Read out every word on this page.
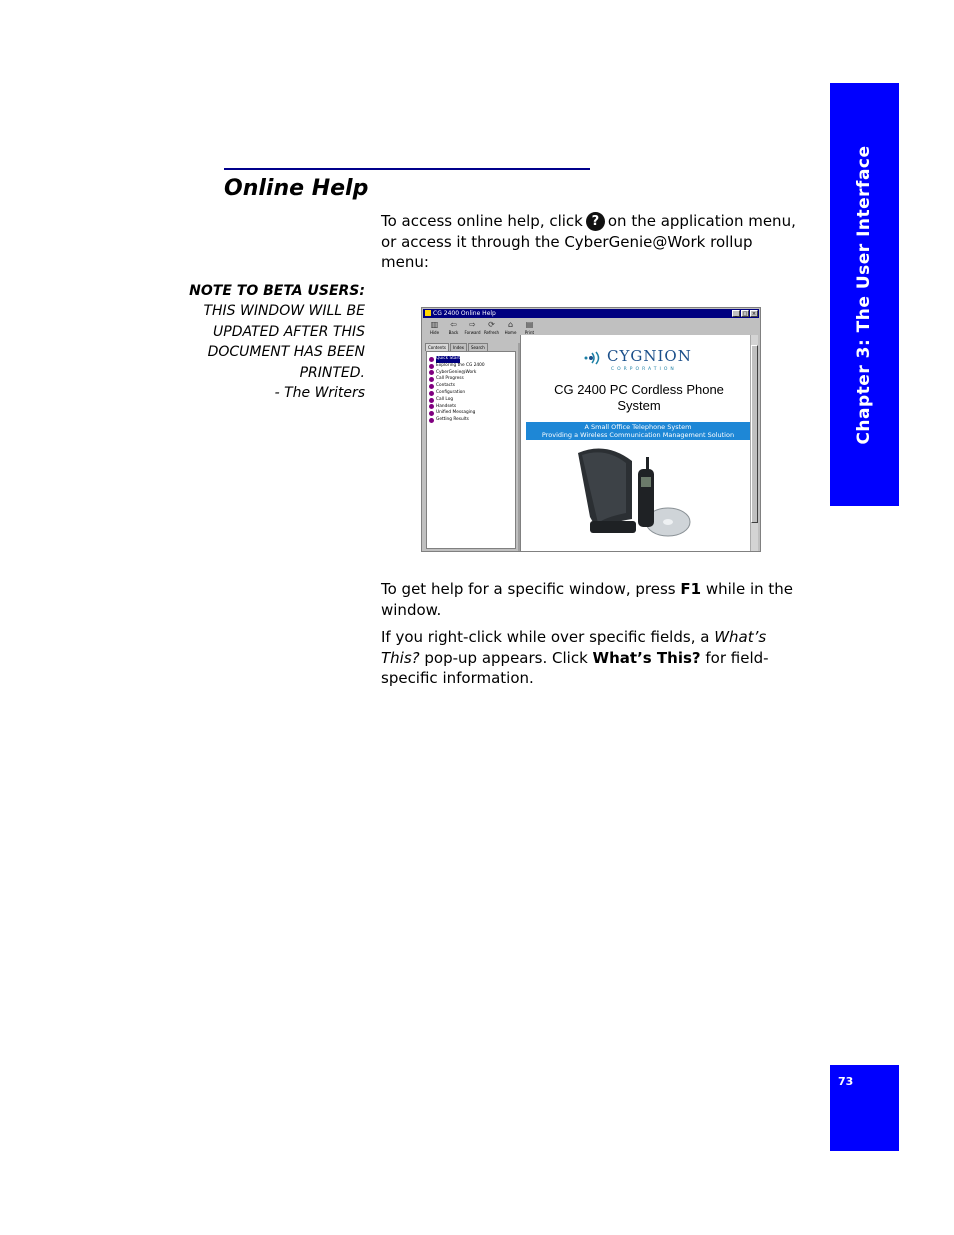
Chapter 3: The User Interface
73
Online Help
To access online help, click ? on the application menu, or access it through the CyberGenie@Work rollup menu:
NOTE TO BETA USERS: THIS WINDOW WILL BE UPDATED AFTER THIS DOCUMENT HAS BEEN PRINTED.
- The Writers
CG 2400 Online Help	_	□ ×
▥
Hide
⇦
Back
⇨
Forward
⟳
Refresh
⌂
Home
▤
Print
Contents	Index	Search
Quick Start
Exploring the CG 2400
CyberGenie@Work
Call Progress
Contacts
Configuration
Call Log
Handsets
Unified Messaging
Getting Results
CYGNION
CORPORATION
CG 2400 PC Cordless Phone System
A Small Office Telephone System
Providing a Wireless Communication Management Solution
To get help for a specific window, press F1 while in the window.
If you right-click while over specific fields, a What’s This? pop-up appears. Click What’s This? for field-specific information.
